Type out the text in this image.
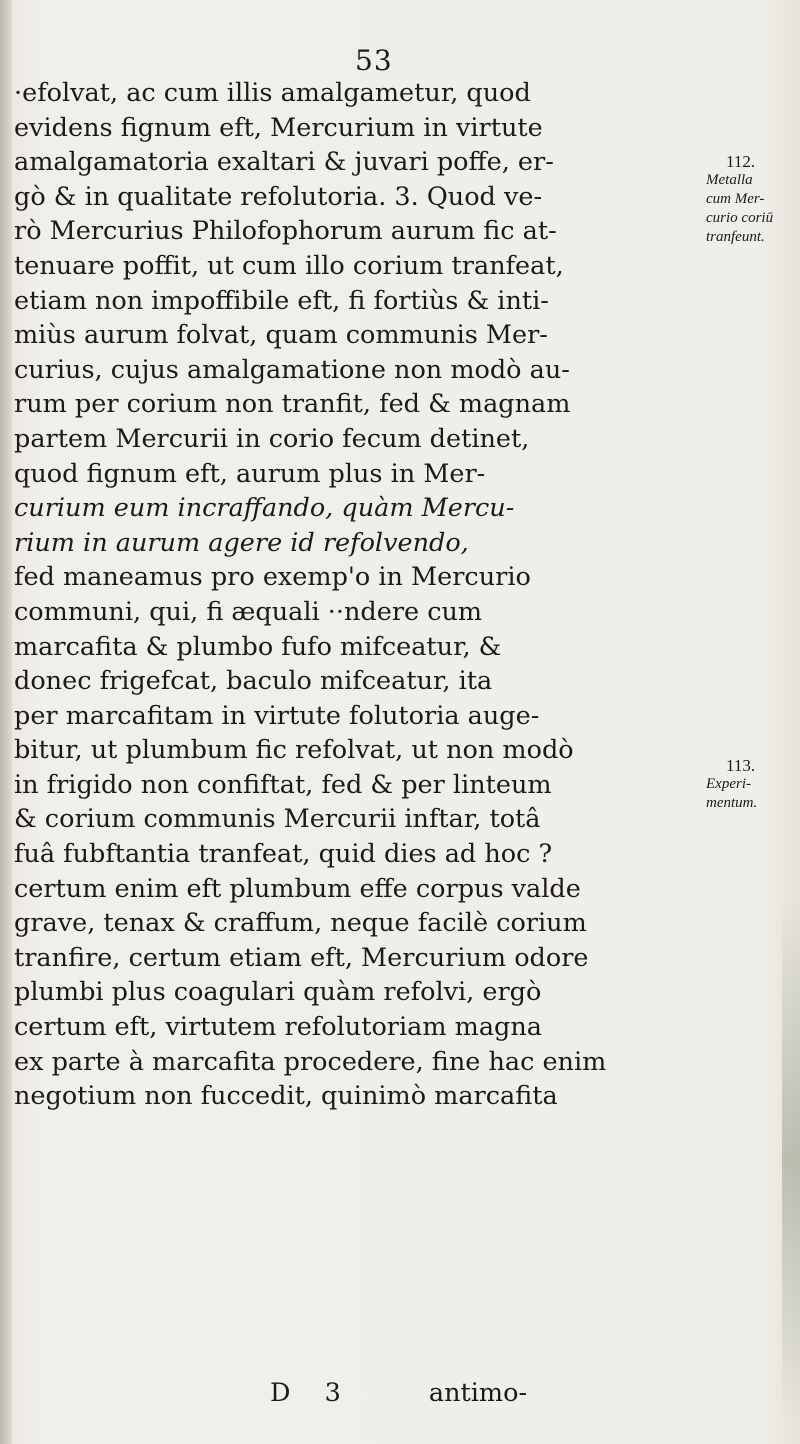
53
·efolvat, ac cum illis amalgametur, quod
evidens fignum eft, Mercurium in virtute
amalgamatoria exaltari & juvari poffe, er-
gò & in qualitate refolutoria. 3. Quod ve-
rò Mercurius Philofophorum aurum fic at-
tenuare poffit, ut cum illo corium tranfeat,
etiam non impoffibile eft, fi fortiùs & inti-
miùs aurum folvat, quam communis Mer-
curius, cujus amalgamatione non modò au-
rum per corium non tranfit, fed & magnam
partem Mercurii in corio fecum detinet,
quod fignum eft, aurum plus in Mer-
curium eum incraffando, quàm Mercu-
rium in aurum agere id refolvendo,
fed maneamus pro exemp'o in Mercurio
communi, qui, fi æquali ··ndere cum
marcafita & plumbo fufo mifceatur, &
donec frigefcat, baculo mifceatur, ita
per marcafitam in virtute folutoria auge-
bitur, ut plumbum fic refolvat, ut non modò
in frigido non confiftat, fed & per linteum
& corium communis Mercurii inftar, totâ
fuâ fubftantia tranfeat, quid dies ad hoc ?
certum enim eft plumbum effe corpus valde
grave, tenax & craffum, neque facilè corium
tranfire, certum etiam eft, Mercurium odore
plumbi plus coagulari quàm refolvi, ergò
certum eft, virtutem refolutoriam magna
ex parte à marcafita procedere, fine hac enim
negotium non fuccedit, quinimò marcafita
112.
Metalla
cum Mer-
curio coriū
tranfeunt.
113.
Experi-
mentum.
D 3	antimo-
